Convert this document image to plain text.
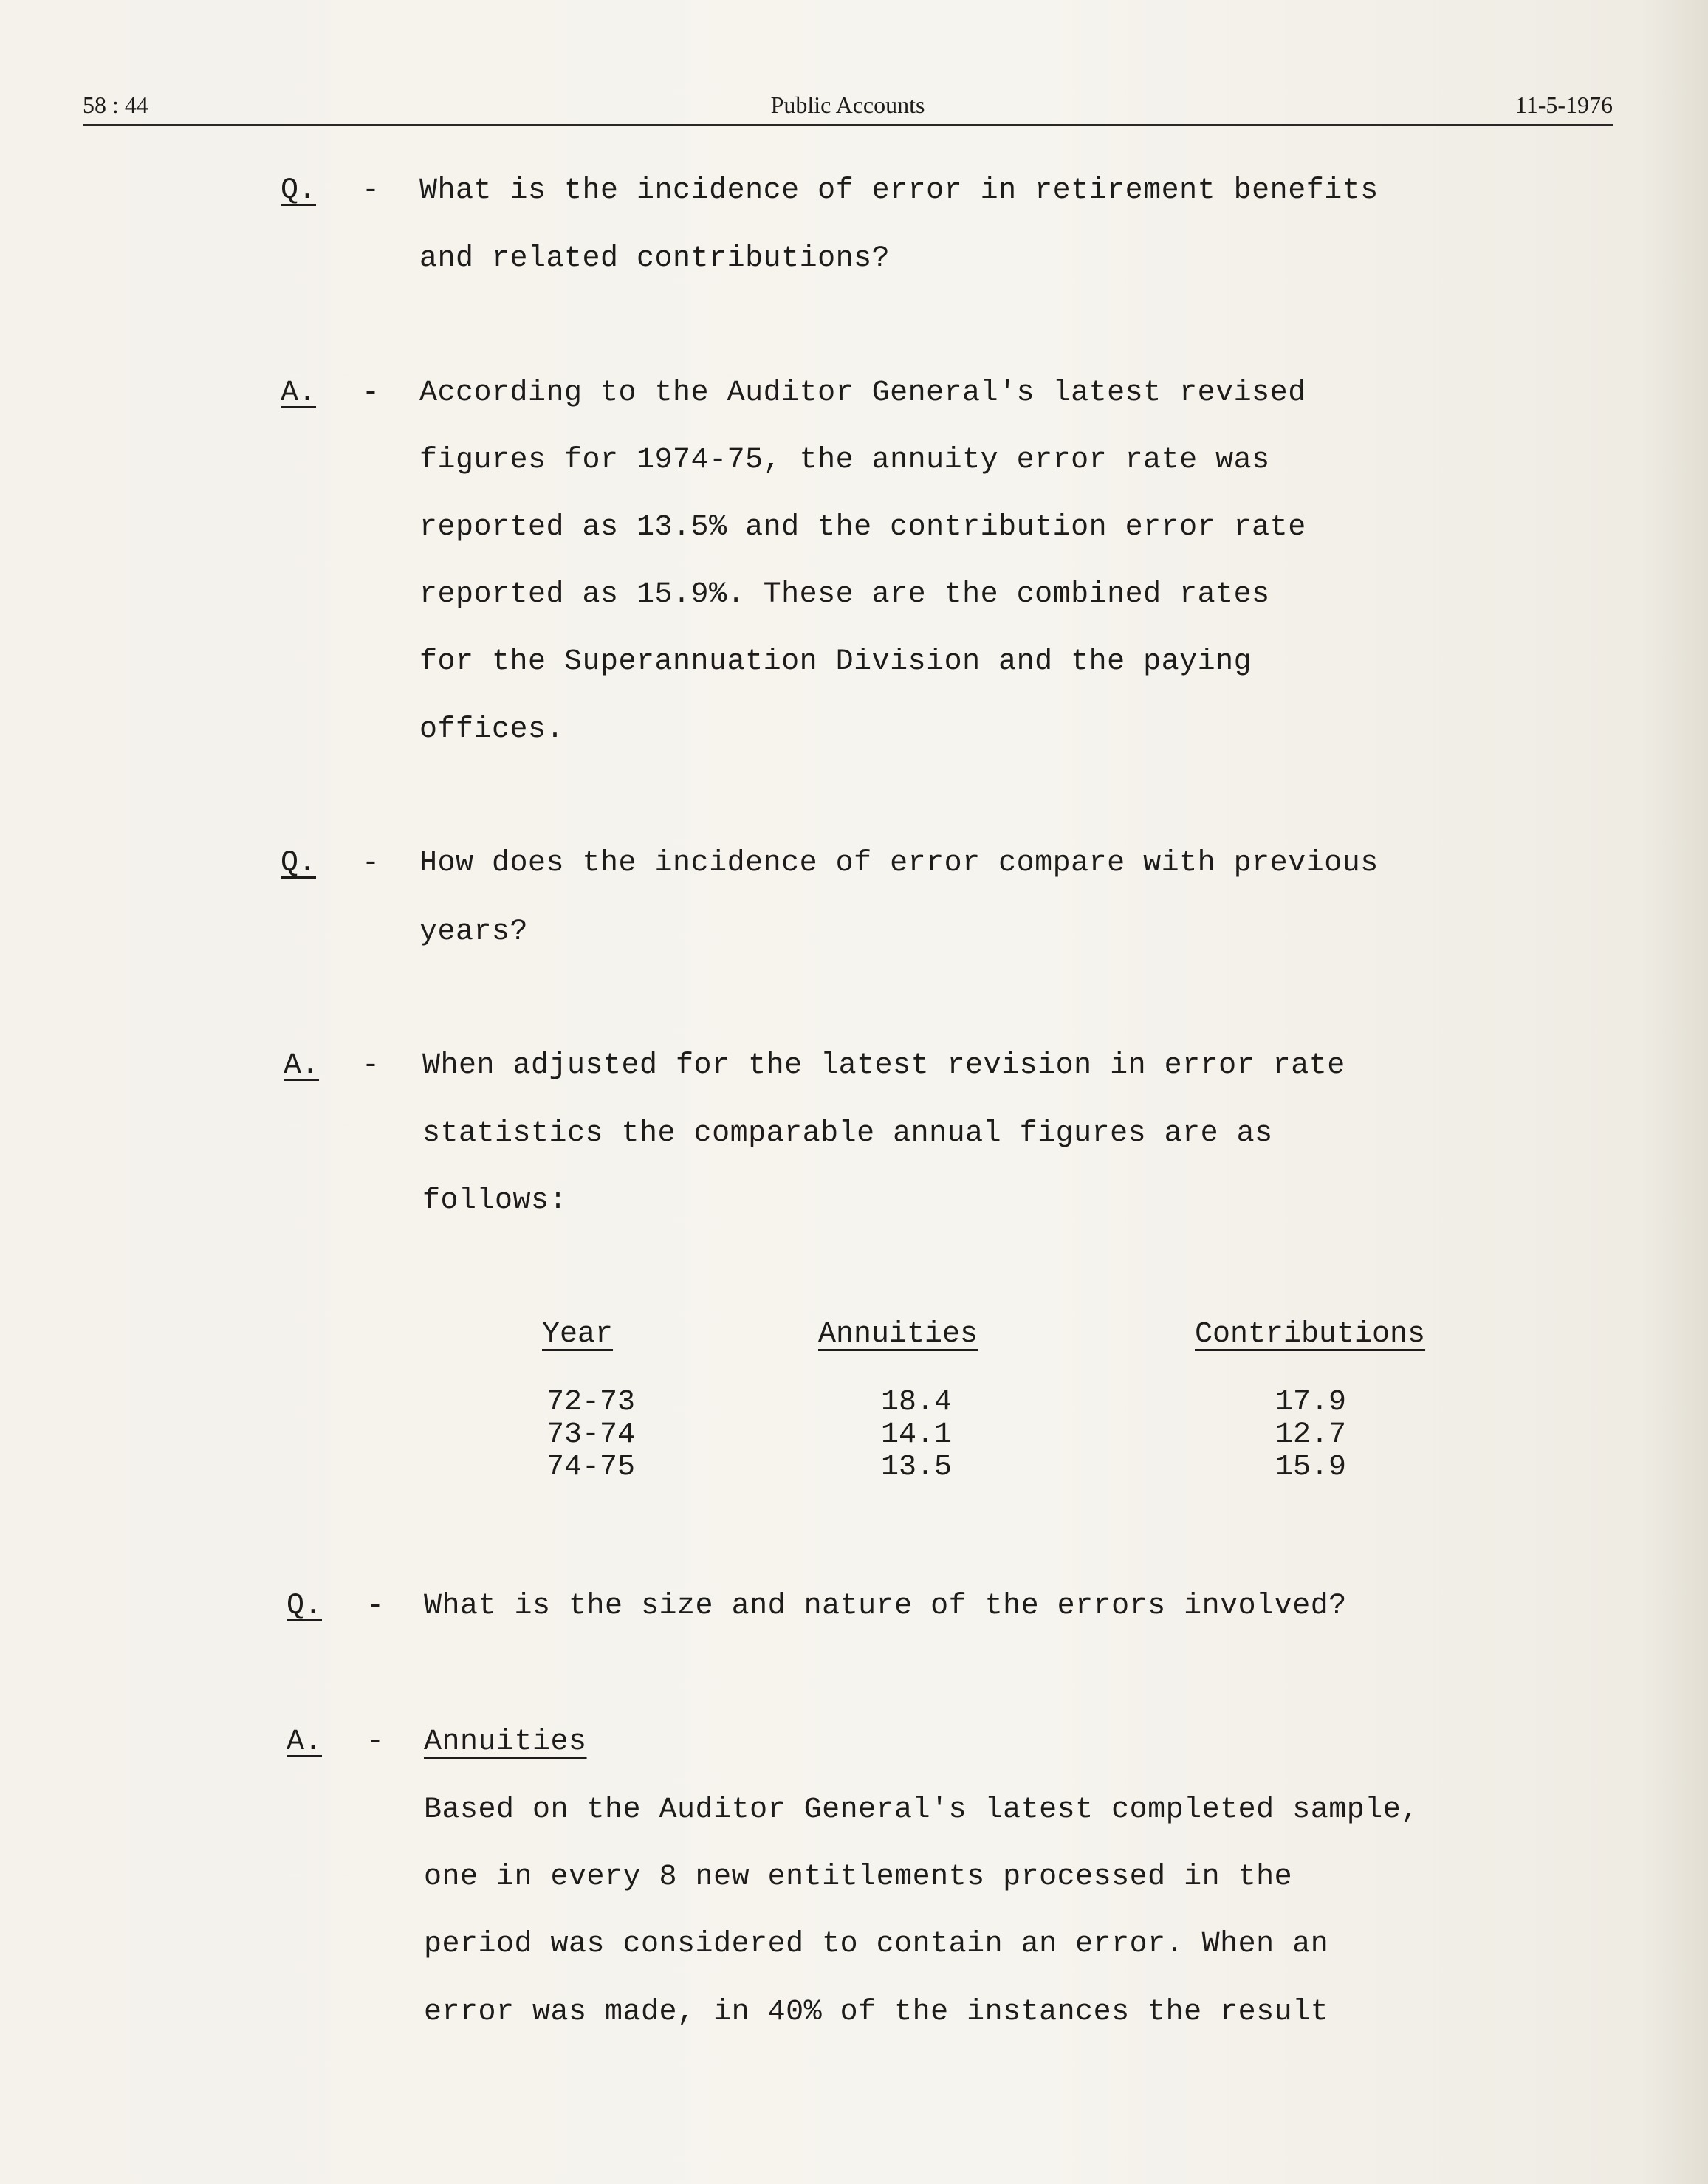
58 : 44	Public Accounts	11-5-1976
Q. - What is the incidence of error in retirement benefits
and related contributions?
A. - According to the Auditor General's latest revised
figures for 1974-75, the annuity error rate was
reported as 13.5% and the contribution error rate
reported as 15.9%. These are the combined rates
for the Superannuation Division and the paying
offices.
Q. - How does the incidence of error compare with previous
years?
A. - When adjusted for the latest revision in error rate
statistics the comparable annual figures are as
follows:
Year	Annuities	Contributions
72-73	18.4	17.9
73-74	14.1	12.7
74-75	13.5	15.9
Q. - What is the size and nature of the errors involved?
A. - Annuities
Based on the Auditor General's latest completed sample,
one in every 8 new entitlements processed in the
period was considered to contain an error. When an
error was made, in 40% of the instances the result
